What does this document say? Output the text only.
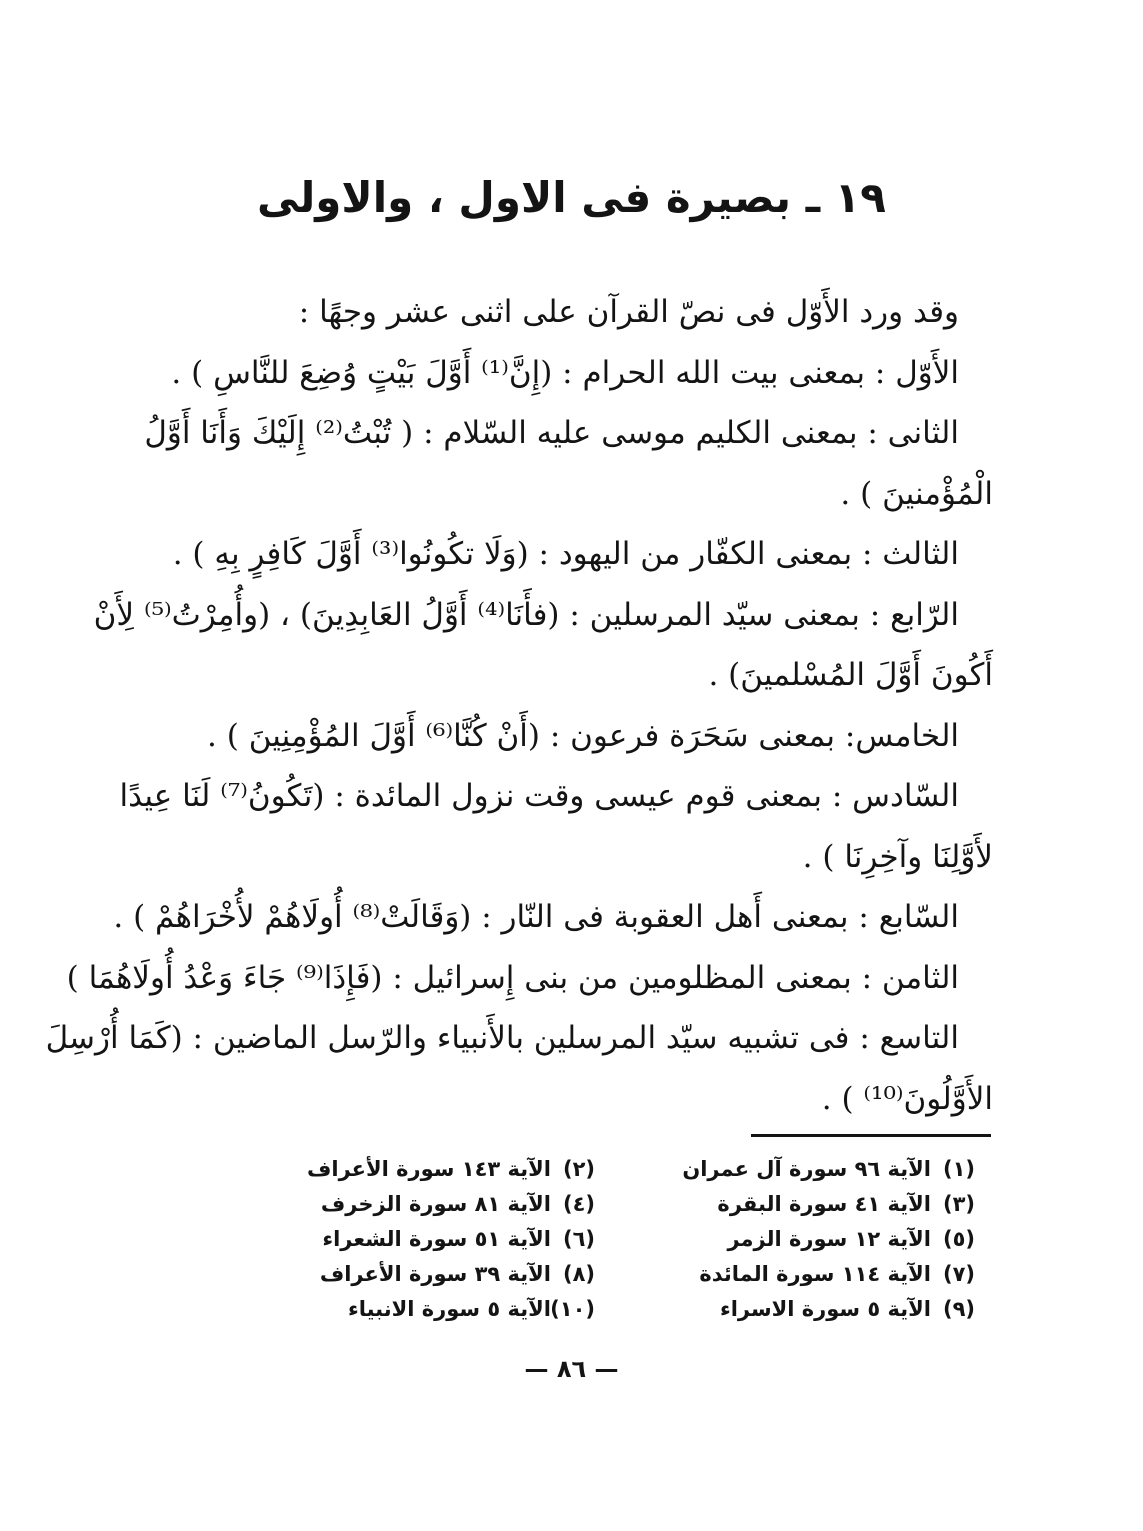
١٩ ـ بصيرة فى الاول ، والاولى
وقد ورد الأَوّل فى نصّ القرآن على اثنى عشر وجهًا :
الأَوّل : بمعنى بيت الله الحرام : (إِنَّ⁽¹⁾ أَوَّلَ بَيْتٍ وُضِعَ للنَّاسِ ) .
الثانى : بمعنى الكليم موسى عليه السّلام : ( تُبْتُ⁽²⁾ إِلَيْكَ وَأَنَا أَوَّلُ
الْمُؤْمنينَ ) .
الثالث : بمعنى الكفّار من اليهود : (وَلَا تكُونُوا⁽³⁾ أَوَّلَ كَافِرٍ بِهِ ) .
الرّابع : بمعنى سيّد المرسلين : (فأَنَا⁽⁴⁾ أَوَّلُ العَابِدِينَ) ، (وأُمِرْتُ⁽⁵⁾ لِأَنْ
أَكُونَ أَوَّلَ المُسْلمينَ) .
الخامس: بمعنى سَحَرَة فرعون : (أَنْ كُنَّا⁽⁶⁾ أَوَّلَ المُؤْمِنِينَ ) .
السّادس : بمعنى قوم عيسى وقت نزول المائدة : (تَكُونُ⁽⁷⁾ لَنَا عِيدًا
لأَوَّلِنَا وآخِرِنَا ) .
السّابع : بمعنى أَهل العقوبة فى النّار : (وَقَالَتْ⁽⁸⁾ أُولَاهُمْ لأُخْرَاهُمْ ) .
الثامن : بمعنى المظلومين من بنى إِسرائيل : (فَإِذَا⁽⁹⁾ جَاءَ وَعْدُ أُولَاهُمَا )
التاسع : فى تشبيه سيّد المرسلين بالأَنبياء والرّسل الماضين : (كَمَا أُرْسِلَ
الأَوَّلُونَ⁽¹⁰⁾ ) .
(١)الآية ٩٦ سورة آل عمران
(٢)الآية ١٤٣ سورة الأعراف
(٣)الآية ٤١ سورة البقرة
(٤)الآية ٨١ سورة الزخرف
(٥)الآية ١٢ سورة الزمر
(٦)الآية ٥١ سورة الشعراء
(٧)الآية ١١٤ سورة المائدة
(٨)الآية ٣٩ سورة الأعراف
(٩)الآية ٥ سورة الاسراء
(١٠)الآية ٥ سورة الانبياء
— ٨٦ —
